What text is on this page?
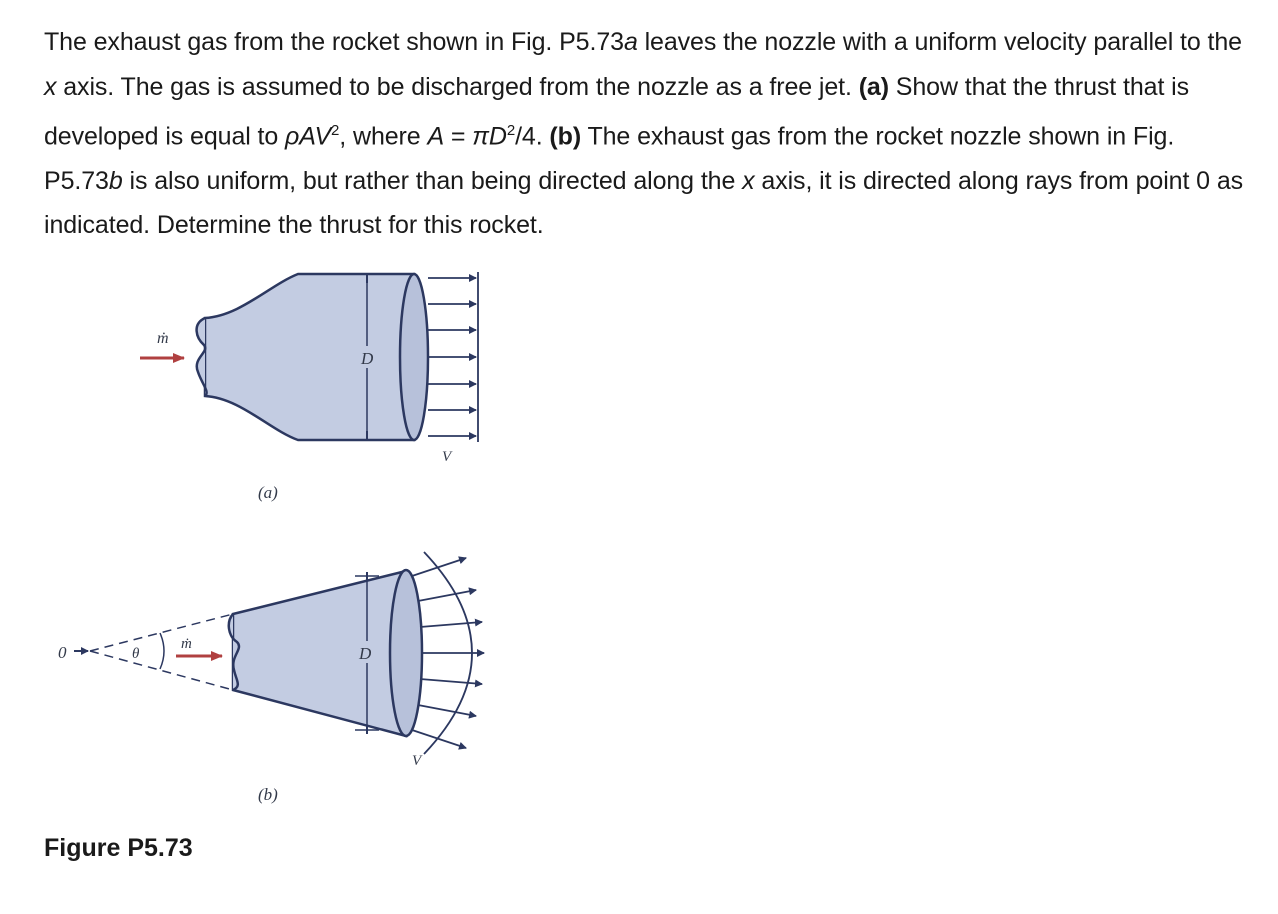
The exhaust gas from the rocket shown in Fig. P5.73a leaves the nozzle with a uniform velocity parallel to the x axis. The gas is assumed to be discharged from the nozzle as a free jet. (a) Show that the thrust that is developed is equal to ρAV$^2$, where $A = \pi D^2/4$. (b) The exhaust gas from the rocket nozzle shown in Fig. P5.73b is also uniform, but rather than being directed along the x axis, it is directed along rays from point 0 as indicated. Determine the thrust for this rocket.

D
V
ṁ
(a)
D
V
0	θ
ṁ
(b)

Figure P5.73
